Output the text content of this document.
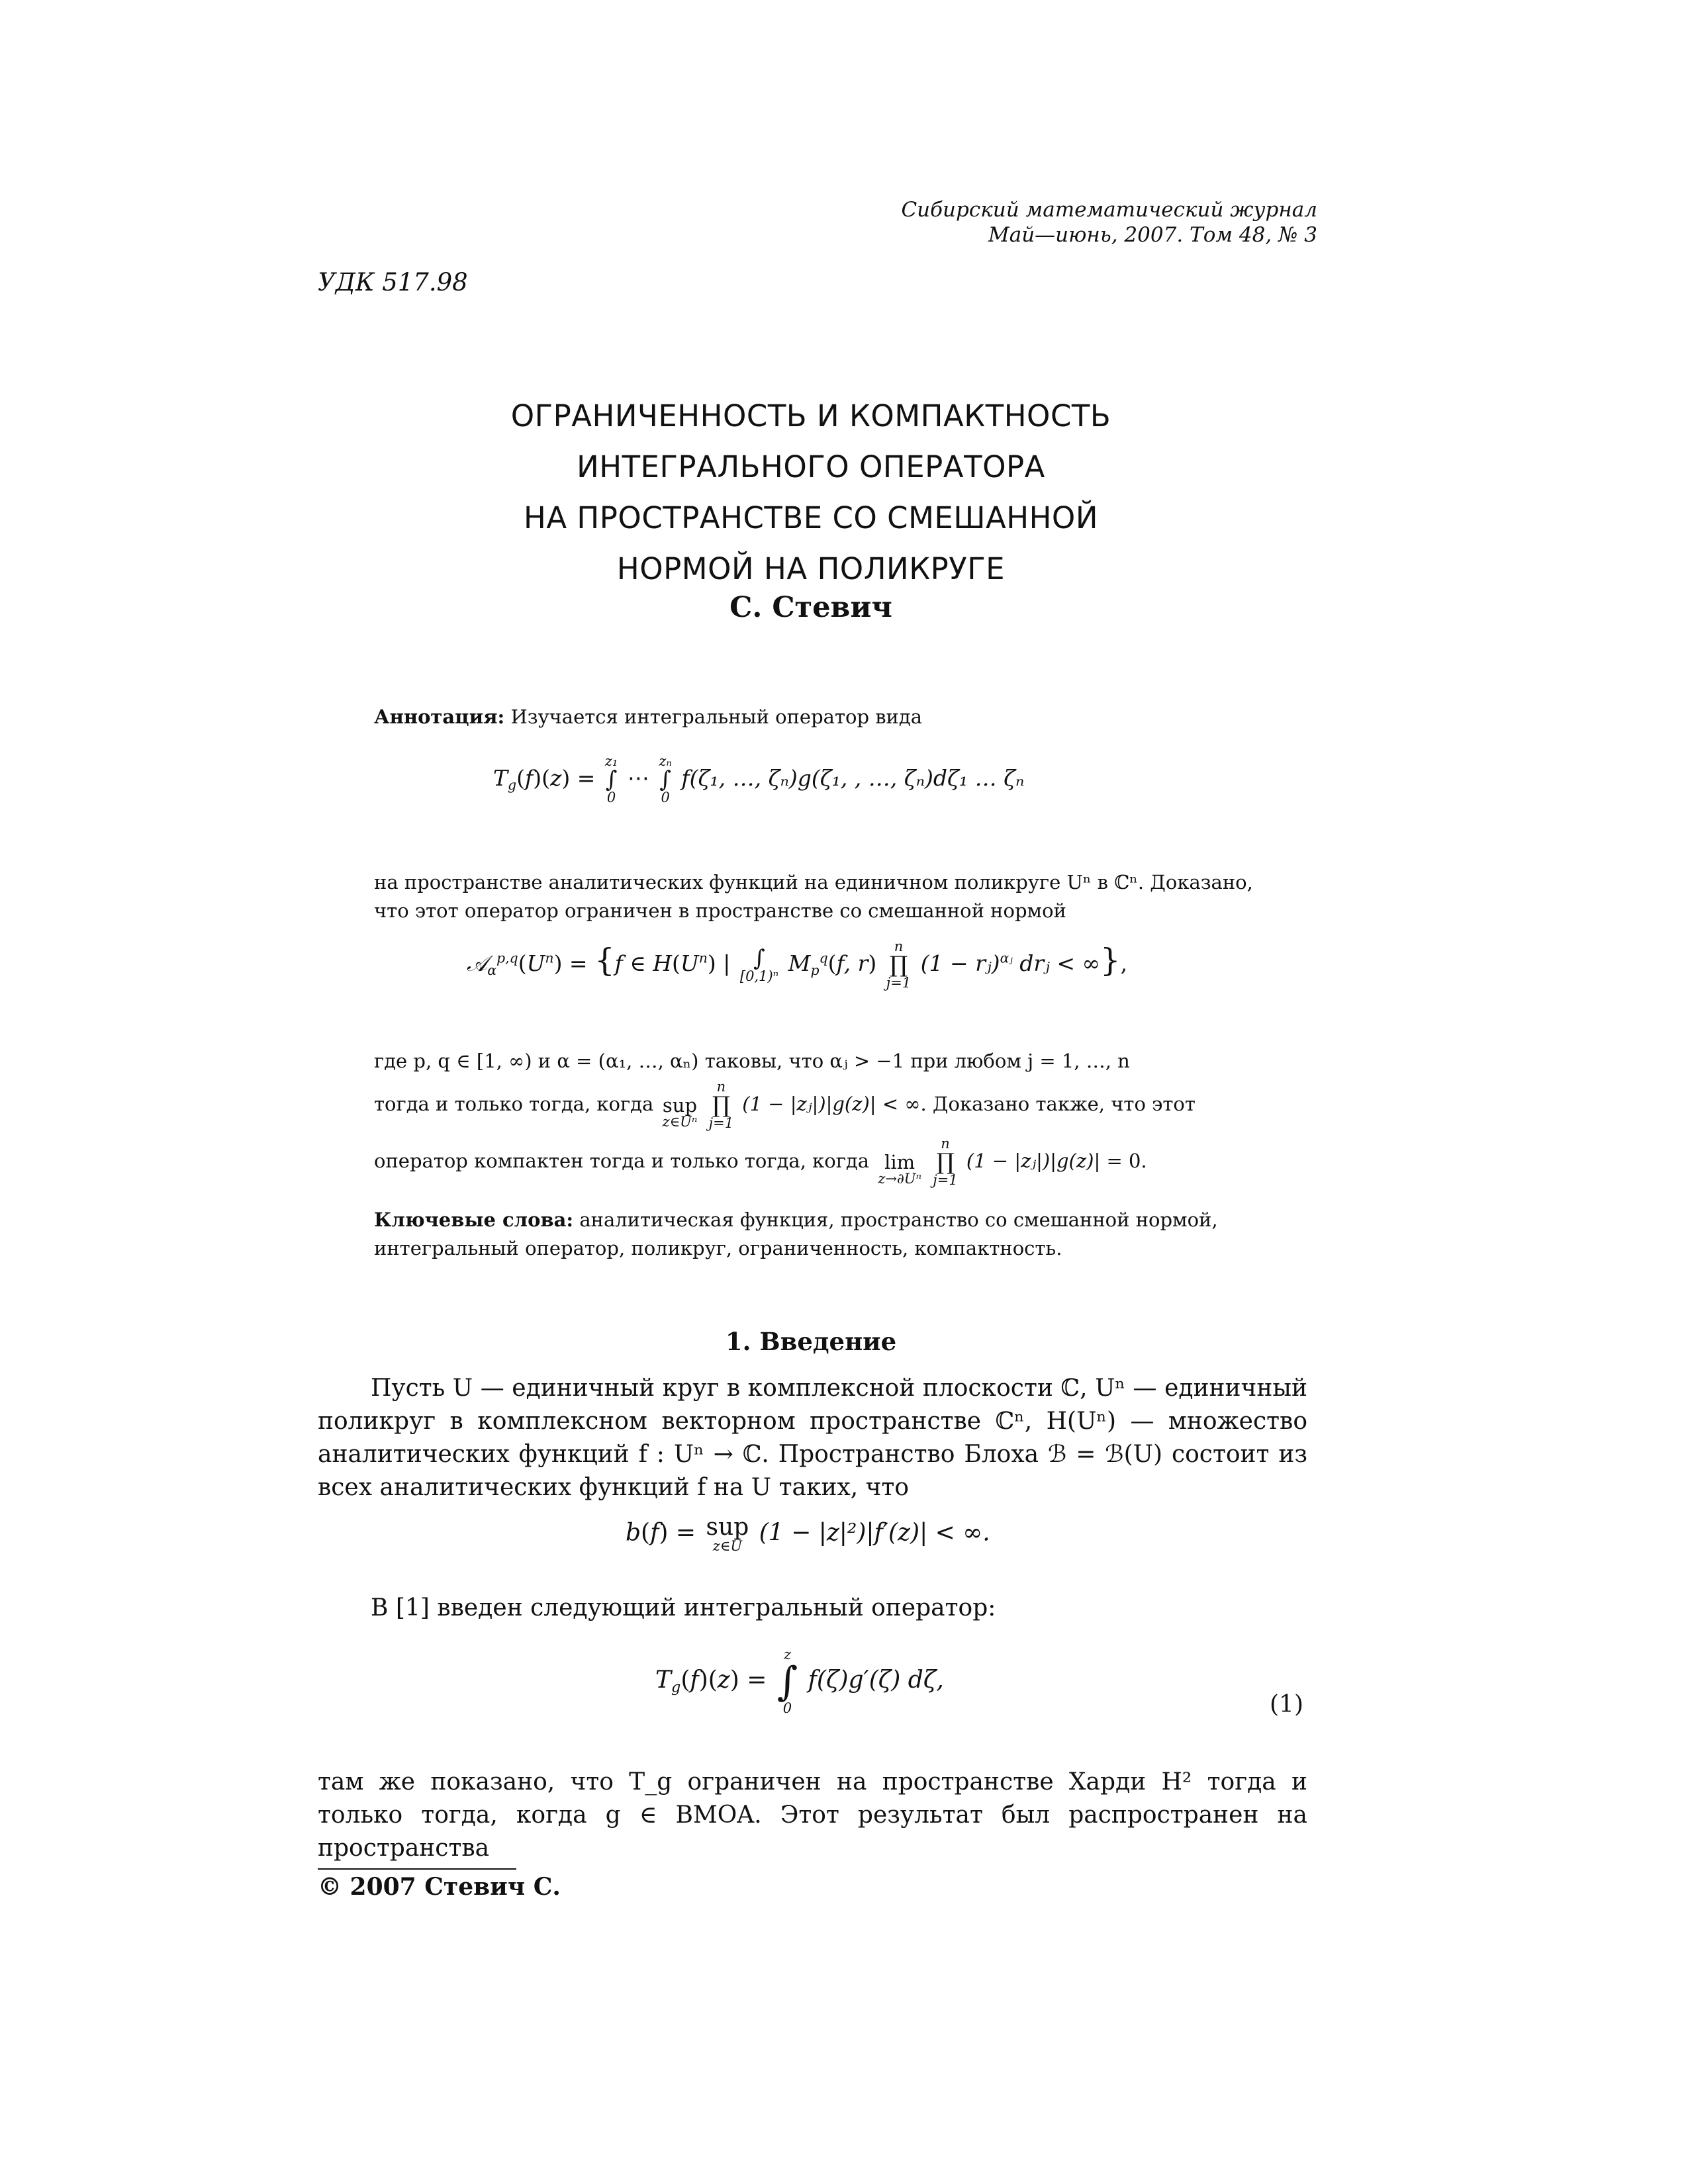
Сибирский математический журнал
Май—июнь, 2007. Том 48, № 3
УДК 517.98
ОГРАНИЧЕННОСТЬ И КОМПАКТНОСТЬ
ИНТЕГРАЛЬНОГО ОПЕРАТОРА
НА ПРОСТРАНСТВЕ СО СМЕШАННОЙ
НОРМОЙ НА ПОЛИКРУГЕ
С. Стевич
Аннотация: Изучается интегральный оператор вида
$T_g(f)(z)$ =
z₁
∫
0
⋯
zₙ
∫
0
f(ζ₁, …, ζₙ)g(ζ₁, , …, ζₙ)dζ₁ … ζₙ
на пространстве аналитических функций на единичном поликруге Uⁿ в ℂⁿ. Доказано, что этот оператор ограничен в пространстве со смешанной нормой
$𝒜_\alpha^{p,q}(U^n) = \{f$ ∈ $H(U^n)$ | ∫
[0,1)ⁿ $M_p^q(f$, r)
n
∏
j=1
(1 − rⱼ)$^{\alpha ⱼ}$ drⱼ < ∞},
где p, q ∈ [1, ∞) и α = (α₁, …, αₙ) таковы, что αⱼ > −1 при любом j = 1, …, n
тогда и только тогда, когда
sup
z∈Uⁿ

n
∏
j=1
(1 − |zⱼ|)|g(z)| < ∞. Доказано также, что этот
оператор компактен тогда и только тогда, когда
lim
z→∂Uⁿ

n
∏
j=1
(1 − |zⱼ|)|g(z)| = 0.
Ключевые слова: аналитическая функция, пространство со смешанной нормой, интегральный оператор, поликруг, ограниченность, компактность.
1. Введение
Пусть U — единичный круг в комплексной плоскости ℂ, Uⁿ — единичный поликруг в комплексном векторном пространстве ℂⁿ, H(Uⁿ) — множество аналитических функций f : Uⁿ → ℂ. Пространство Блоха ℬ = ℬ(U) состоит из всех аналитических функций f на U таких, что
b(f) = sup
z∈U (1 − |z|²)|f′(z)| < ∞.
В [1] введен следующий интегральный оператор:
$T_g(f)(z)$ =
z
∫
0
f(ζ)g′(ζ) dζ,
(1)
там же показано, что T_g ограничен на пространстве Харди H² тогда и только тогда, когда g ∈ BMOA. Этот результат был распространен на пространства
© 2007 Стевич С.
